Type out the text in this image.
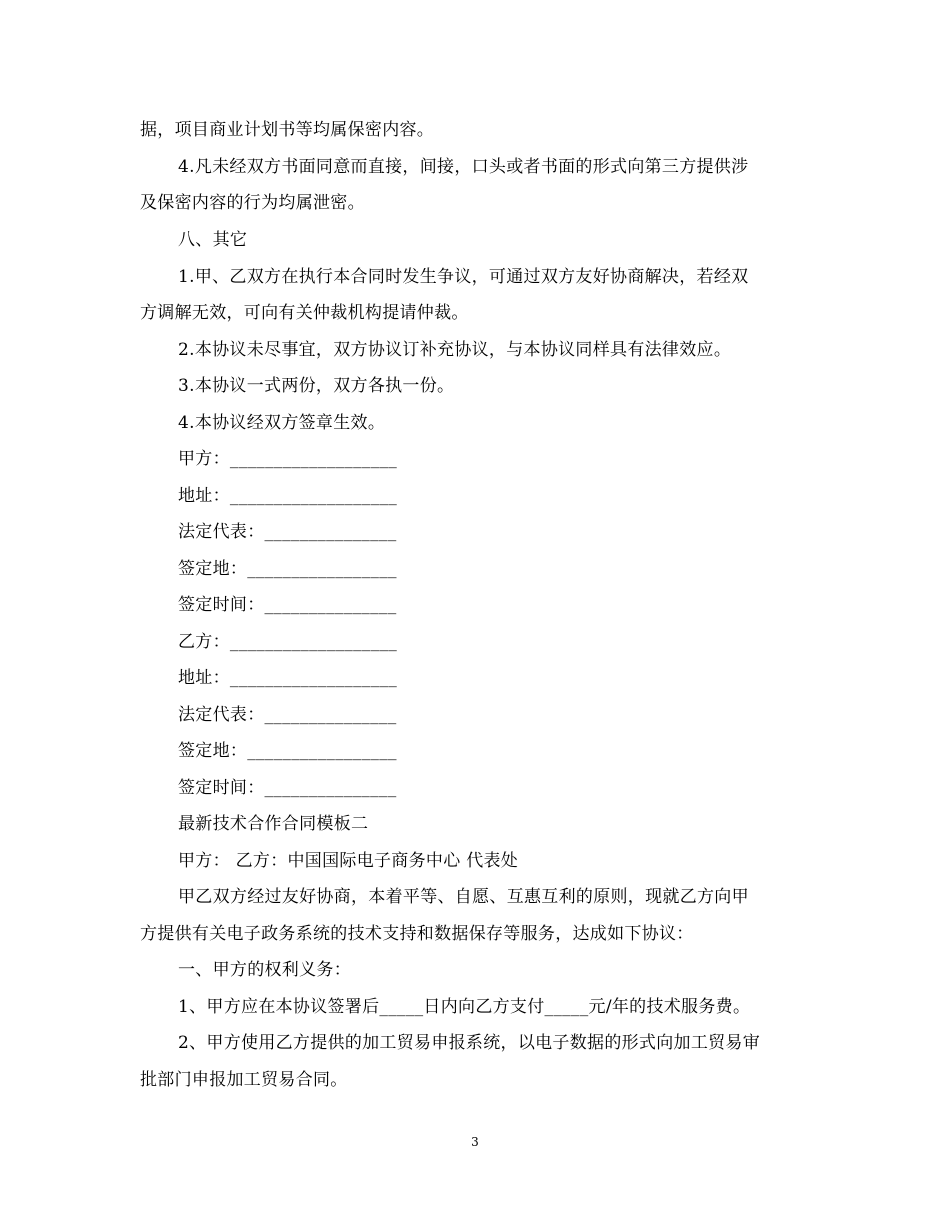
据，项目商业计划书等均属保密内容。
4.凡未经双方书面同意而直接，间接，口头或者书面的形式向第三方提供涉
及保密内容的行为均属泄密。
八、其它
1.甲、乙双方在执行本合同时发生争议，可通过双方友好协商解决，若经双
方调解无效，可向有关仲裁机构提请仲裁。
2.本协议未尽事宜，双方协议订补充协议，与本协议同样具有法律效应。
3.本协议一式两份，双方各执一份。
4.本协议经双方签章生效。
甲方：___________________
地址：___________________
法定代表：_______________
签定地：_________________
签定时间：_______________
乙方：___________________
地址：___________________
法定代表：_______________
签定地：_________________
签定时间：_______________
最新技术合作合同模板二
甲方： 乙方：中国国际电子商务中心 代表处
甲乙双方经过友好协商，本着平等、自愿、互惠互利的原则，现就乙方向甲
方提供有关电子政务系统的技术支持和数据保存等服务，达成如下协议：
一、甲方的权利义务：
1、甲方应在本协议签署后_____日内向乙方支付_____元/年的技术服务费。
2、甲方使用乙方提供的加工贸易申报系统，以电子数据的形式向加工贸易审
批部门申报加工贸易合同。
3
